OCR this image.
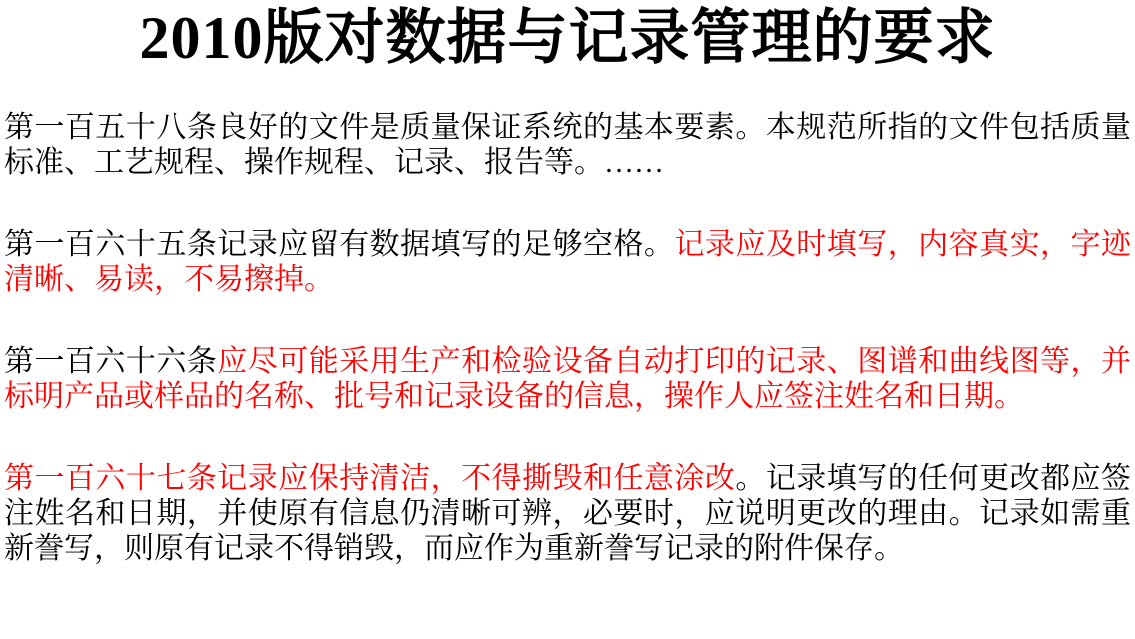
2010版对数据与记录管理的要求

第一百五十八条良好的文件是质量保证系统的基本要素。本规范所指的文件包括质量标准、工艺规程、操作规程、记录、报告等。……

第一百六十五条记录应留有数据填写的足够空格。记录应及时填写，内容真实，字迹清晰、易读，不易擦掉。

第一百六十六条应尽可能采用生产和检验设备自动打印的记录、图谱和曲线图等，并标明产品或样品的名称、批号和记录设备的信息，操作人应签注姓名和日期。

第一百六十七条记录应保持清洁，不得撕毁和任意涂改。记录填写的任何更改都应签注姓名和日期，并使原有信息仍清晰可辨，必要时，应说明更改的理由。记录如需重新誊写，则原有记录不得销毁，而应作为重新誊写记录的附件保存。
